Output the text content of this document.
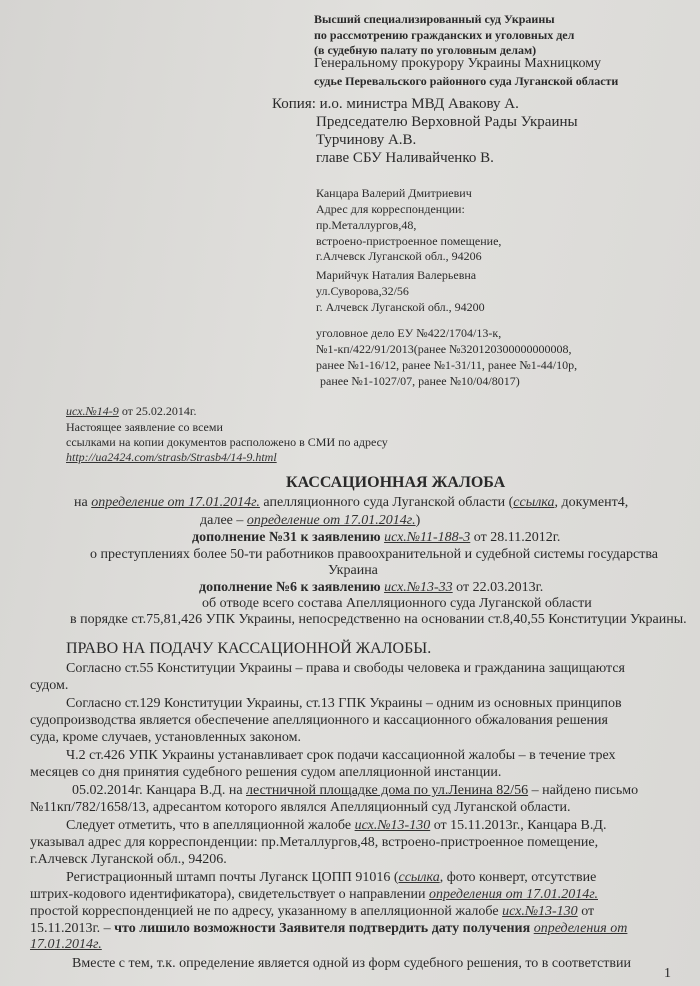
Высший специализированный суд Украины
по рассмотрению гражданских и уголовных дел
(в судебную палату по уголовным делам)
Генеральному прокурору Украины Махницкому
судье Перевальского районного суда Луганской области
Копия: и.о. министра МВД Авакову А.
Председателю Верховной Рады Украины
Турчинову А.В.
главе СБУ Наливайченко В.
Канцара Валерий Дмитриевич
Адрес для корреспонденции:
пр.Металлургов,48,
встроено-пристроенное помещение,
г.Алчевск Луганской обл., 94206
Марийчук Наталия Валерьевна
ул.Суворова,32/56
г. Алчевск Луганской обл., 94200
уголовное дело ЕУ №422/1704/13-к,
№1-кп/422/91/2013(ранее №320120300000000008,
ранее №1-16/12, ранее №1-31/11, ранее №1-44/10р,
ранее №1-1027/07, ранее №10/04/8017)
исх.№14-9 от 25.02.2014г.
Настоящее заявление со всеми
ссылками на копии документов расположено в СМИ по адресу
http://ua2424.com/strasb/Strasb4/14-9.html
КАССАЦИОННАЯ ЖАЛОБА
на определение от 17.01.2014г. апелляционного суда Луганской области (ссылка, документ4,
далее – определение от 17.01.2014г.)
дополнение №31 к заявлению исх.№11-188-3 от 28.11.2012г.
о преступлениях более 50-ти работников правоохранительной и судебной системы государства
Украина
дополнение №6 к заявлению исх.№13-33 от 22.03.2013г.
об отводе всего состава Апелляционного суда Луганской области
в порядке ст.75,81,426 УПК Украины, непосредственно на основании ст.8,40,55 Конституции Украины.
ПРАВО НА ПОДАЧУ КАССАЦИОННОЙ ЖАЛОБЫ.
Согласно ст.55 Конституции Украины – права и свободы человека и гражданина защищаются
судом.
Согласно ст.129 Конституции Украины, ст.13 ГПК Украины – одним из основных принципов
судопроизводства является обеспечение апелляционного и кассационного обжалования решения
суда, кроме случаев, установленных законом.
Ч.2 ст.426 УПК Украины устанавливает срок подачи кассационной жалобы – в течение трех
месяцев со дня принятия судебного решения судом апелляционной инстанции.
05.02.2014г. Канцара В.Д. на лестничной площадке дома по ул.Ленина 82/56 – найдено письмо
№11кп/782/1658/13, адресантом которого являлся Апелляционный суд Луганской области.
Следует отметить, что в апелляционной жалобе исх.№13-130 от 15.11.2013г., Канцара В.Д.
указывал адрес для корреспонденции: пр.Металлургов,48, встроено-пристроенное помещение,
г.Алчевск Луганской обл., 94206.
Регистрационный штамп почты Луганск ЦОПП 91016 (ссылка, фото конверт, отсутствие
штрих-кодового идентификатора), свидетельствует о направлении определения от 17.01.2014г.
простой корреспонденцией не по адресу, указанному в апелляционной жалобе исх.№13-130 от
15.11.2013г. – что лишило возможности Заявителя подтвердить дату получения определения от
17.01.2014г.
Вместе с тем, т.к. определение является одной из форм судебного решения, то в соответствии
1
